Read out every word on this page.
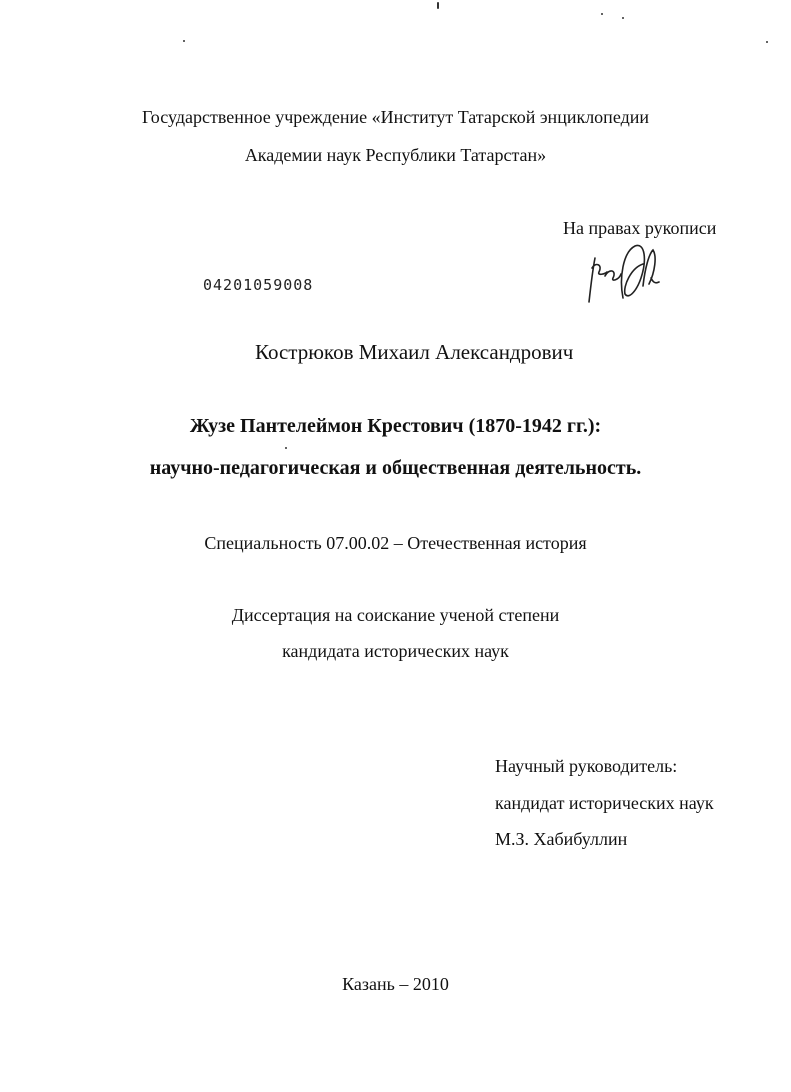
Государственное учреждение «Институт Татарской энциклопедии
Академии наук Республики Татарстан»
На правах рукописи
04201059008
Кострюков Михаил Александрович
Жузе Пантелеймон Крестович (1870-1942 гг.):
научно-педагогическая и общественная деятельность.
Специальность 07.00.02 – Отечественная история
Диссертация на соискание ученой степени
кандидата исторических наук
Научный руководитель:
кандидат исторических наук
М.З. Хабибуллин
Казань – 2010
